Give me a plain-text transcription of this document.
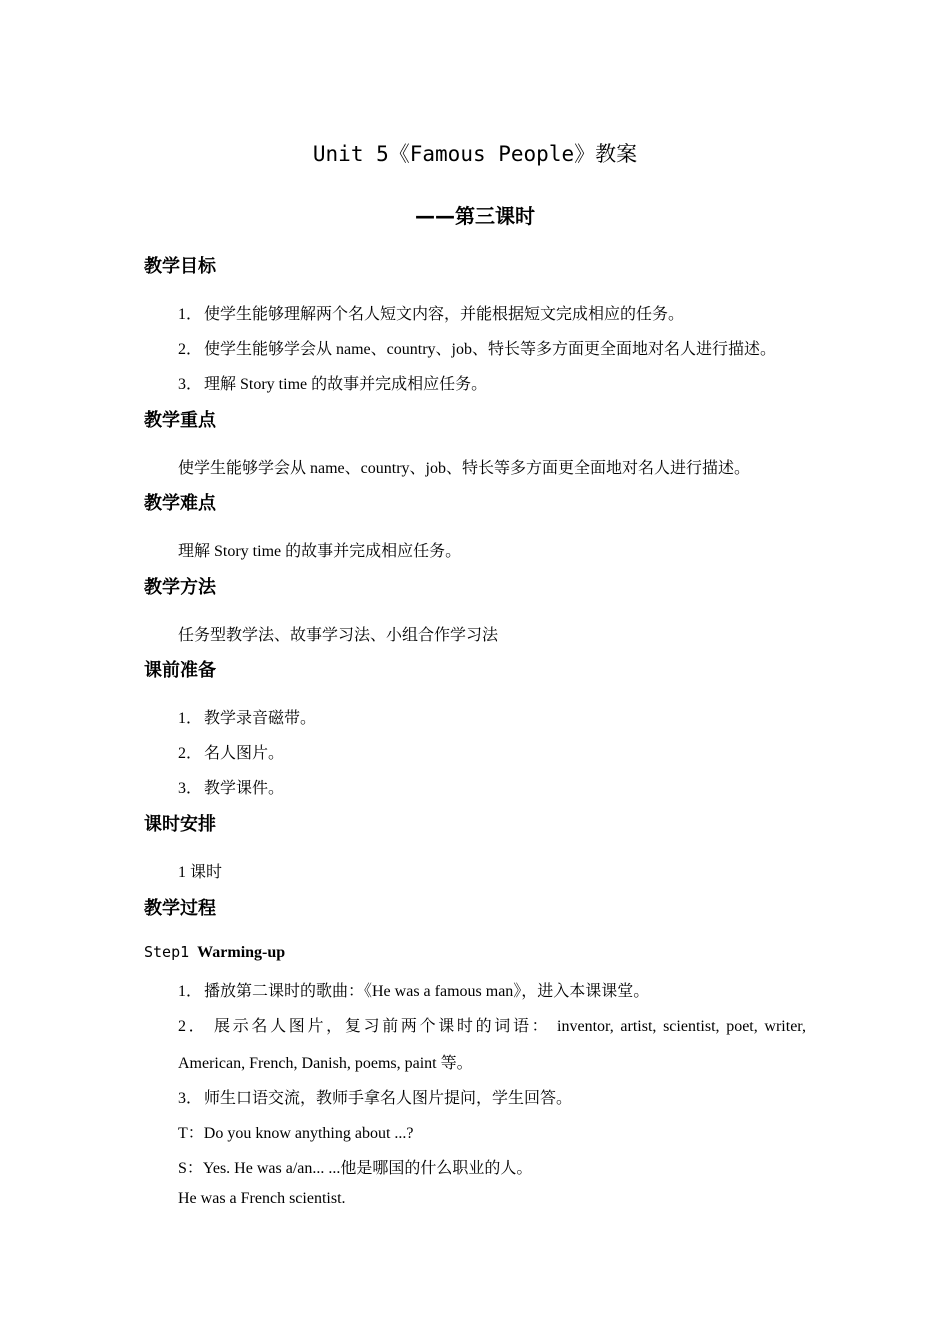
Unit 5《Famous People》教案
——第三课时
教学目标
1． 使学生能够理解两个名人短文内容，并能根据短文完成相应的任务。
2． 使学生能够学会从 name、country、job、特长等多方面更全面地对名人进行描述。
3． 理解 Story time 的故事并完成相应任务。
教学重点
使学生能够学会从 name、country、job、特长等多方面更全面地对名人进行描述。
教学难点
理解 Story time 的故事并完成相应任务。
教学方法
任务型教学法、故事学习法、小组合作学习法
课前准备
1． 教学录音磁带。
2． 名人图片。
3． 教学课件。
课时安排
1 课时
教学过程
Step1 Warming-up
1． 播放第二课时的歌曲：《He was a famous man》，进入本课课堂。
2． 展示名人图片，复习前两个课时的词语： inventor, artist, scientist, poet, writer,
American, French, Danish, poems, paint 等。
3． 师生口语交流，教师手拿名人图片提问，学生回答。
T：Do you know anything about ...?
S：Yes. He was a/an... ...他是哪国的什么职业的人。
He was a French scientist.
